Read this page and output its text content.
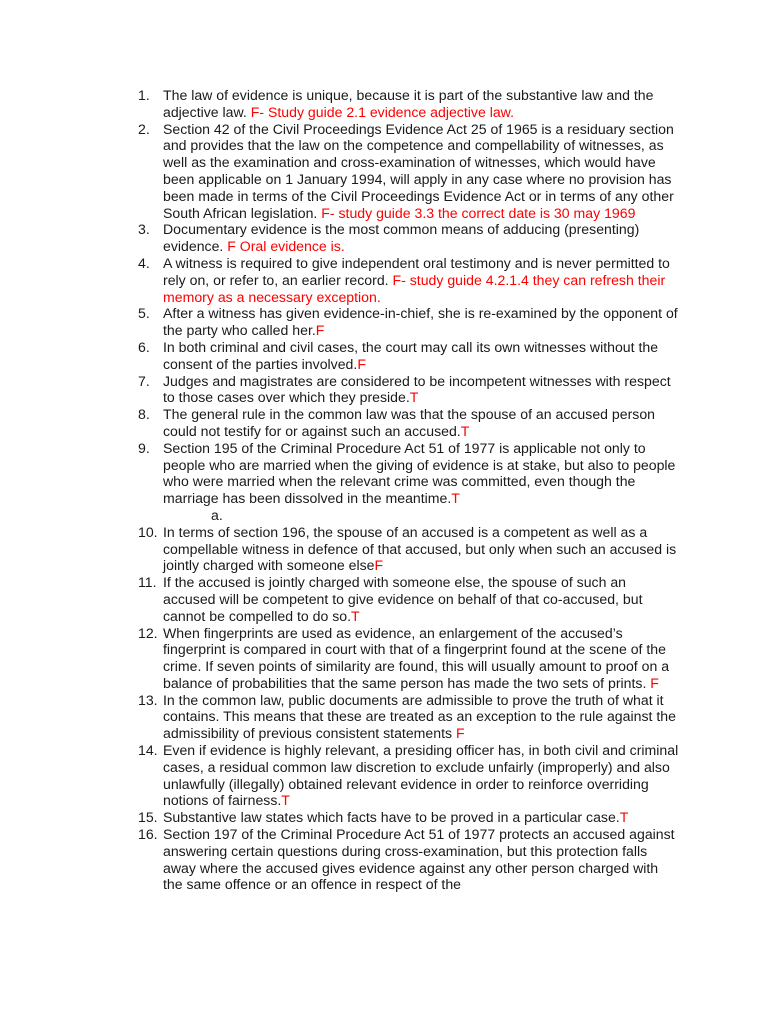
1. The law of evidence is unique, because it is part of the substantive law and the adjective law. F- Study guide 2.1 evidence adjective law.
2. Section 42 of the Civil Proceedings Evidence Act 25 of 1965 is a residuary section and provides that the law on the competence and compellability of witnesses, as well as the examination and cross-examination of witnesses, which would have been applicable on 1 January 1994, will apply in any case where no provision has been made in terms of the Civil Proceedings Evidence Act or in terms of any other South African legislation. F- study guide 3.3 the correct date is 30 may 1969
3. Documentary evidence is the most common means of adducing (presenting) evidence. F Oral evidence is.
4. A witness is required to give independent oral testimony and is never permitted to rely on, or refer to, an earlier record. F- study guide 4.2.1.4 they can refresh their memory as a necessary exception.
5. After a witness has given evidence-in-chief, she is re-examined by the opponent of the party who called her.F
6. In both criminal and civil cases, the court may call its own witnesses without the consent of the parties involved.F
7. Judges and magistrates are considered to be incompetent witnesses with respect to those cases over which they preside.T
8. The general rule in the common law was that the spouse of an accused person could not testify for or against such an accused.T
9. Section 195 of the Criminal Procedure Act 51 of 1977 is applicable not only to people who are married when the giving of evidence is at stake, but also to people who were married when the relevant crime was committed, even though the marriage has been dissolved in the meantime.T
a.
10. In terms of section 196, the spouse of an accused is a competent as well as a compellable witness in defence of that accused, but only when such an accused is jointly charged with someone elseF
11. If the accused is jointly charged with someone else, the spouse of such an accused will be competent to give evidence on behalf of that co-accused, but cannot be compelled to do so.T
12. When fingerprints are used as evidence, an enlargement of the accused’s fingerprint is compared in court with that of a fingerprint found at the scene of the crime. If seven points of similarity are found, this will usually amount to proof on a balance of probabilities that the same person has made the two sets of prints. F
13. In the common law, public documents are admissible to prove the truth of what it contains. This means that these are treated as an exception to the rule against the admissibility of previous consistent statements F
14. Even if evidence is highly relevant, a presiding officer has, in both civil and criminal cases, a residual common law discretion to exclude unfairly (improperly) and also unlawfully (illegally) obtained relevant evidence in order to reinforce overriding notions of fairness.T
15. Substantive law states which facts have to be proved in a particular case.T
16. Section 197 of the Criminal Procedure Act 51 of 1977 protects an accused against answering certain questions during cross-examination, but this protection falls away where the accused gives evidence against any other person charged with the same offence or an offence in respect of the
